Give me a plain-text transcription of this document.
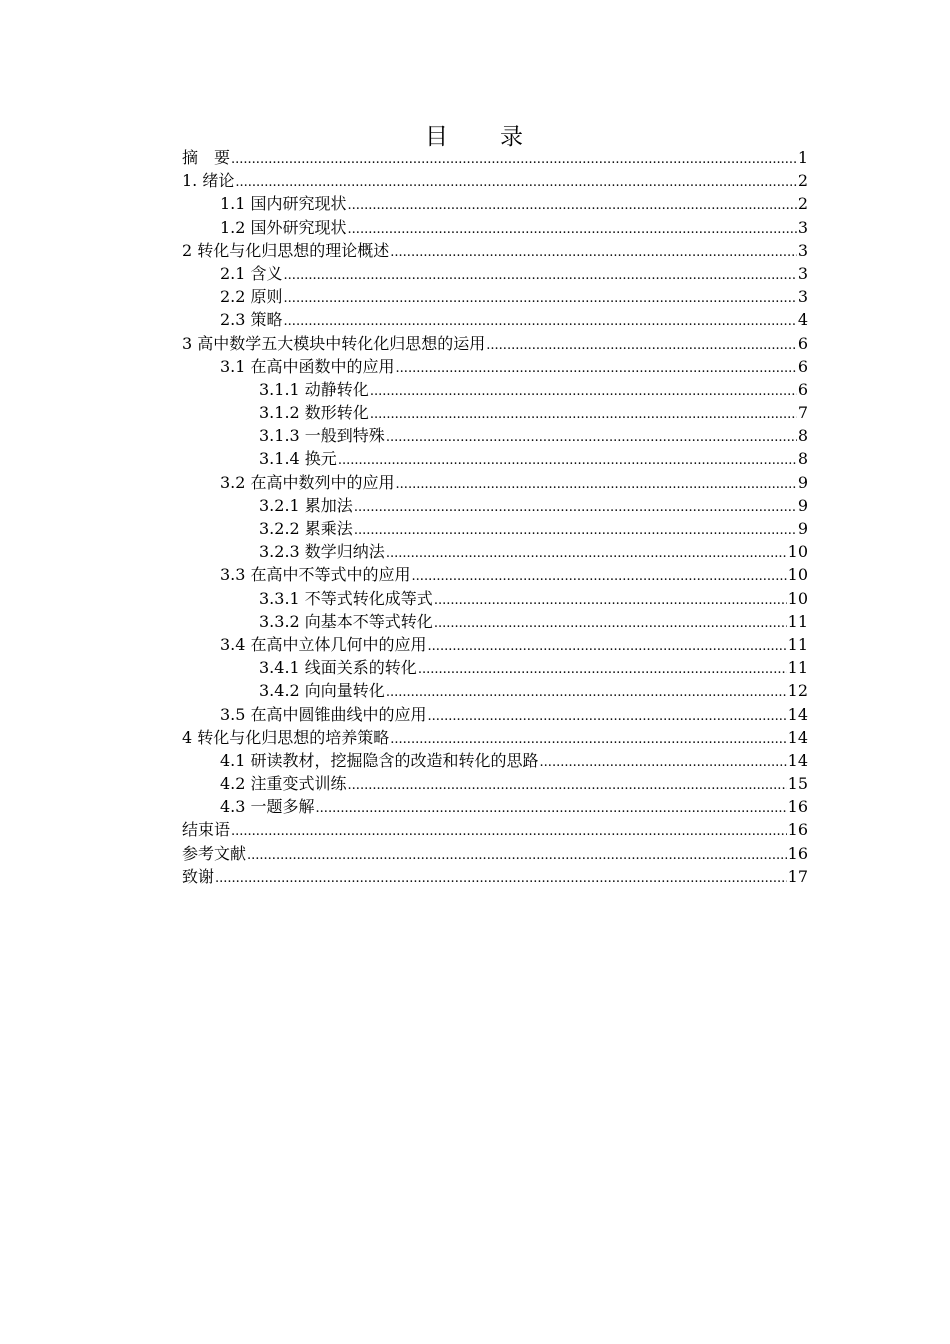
目　　录
摘　要 .....	1
1. 绪论 .....	2
1.1 国内研究现状 .....	2
1.2 国外研究现状 .....	3
2 转化与化归思想的理论概述 .....	3
2.1 含义 .....	3
2.2 原则 .....	3
2.3 策略 .....	4
3 高中数学五大模块中转化化归思想的运用 .....	6
3.1 在高中函数中的应用 .....	6
3.1.1 动静转化 .....	6
3.1.2 数形转化 .....	7
3.1.3 一般到特殊 .....	8
3.1.4 换元 .....	8
3.2 在高中数列中的应用 .....	9
3.2.1 累加法 .....	9
3.2.2 累乘法 .....	9
3.2.3 数学归纳法 .....	10
3.3 在高中不等式中的应用 .....	10
3.3.1 不等式转化成等式 .....	10
3.3.2 向基本不等式转化 .....	11
3.4 在高中立体几何中的应用 .....	11
3.4.1 线面关系的转化 .....	11
3.4.2 向向量转化 .....	12
3.5 在高中圆锥曲线中的应用 .....	14
4 转化与化归思想的培养策略 .....	14
4.1 研读教材，挖掘隐含的改造和转化的思路 .....	14
4.2 注重变式训练 .....	15
4.3 一题多解 .....	16
结束语 .....	16
参考文献 .....	16
致谢 .....	17
